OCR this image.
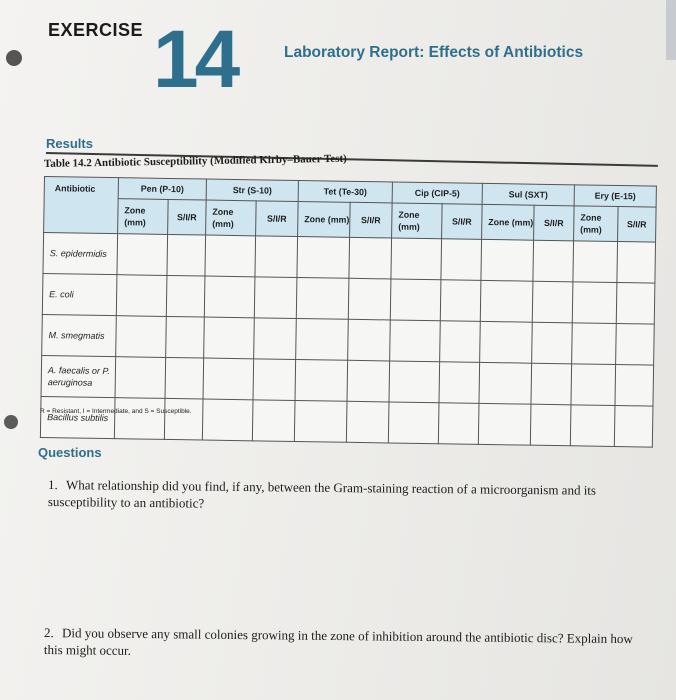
EXERCISE 14	Laboratory Report: Effects of Antibiotics
Results
Table 14.2 Antibiotic Susceptibility (Modified Kirby–Bauer Test)
Antibiotic	Pen (P-10)		Str (S-10)		Tet (Te-30)		Cip (CIP-5)		Sul (SXT)		Ery (E-15)	
	Zone (mm)	S/I/R	Zone (mm)	S/I/R	Zone (mm)	S/I/R	Zone (mm)	S/I/R	Zone (mm)	S/I/R	Zone (mm)	S/I/R
S. epidermidis												
E. coli												
M. smegmatis												
A. faecalis or P. aeruginosa												
Bacillus subtilis												
R = Resistant, I = Intermediate, and S = Susceptible.
Questions
1. What relationship did you find, if any, between the Gram-staining reaction of a microorganism and its susceptibility to an antibiotic?
2. Did you observe any small colonies growing in the zone of inhibition around the antibiotic disc? Explain how this might occur.
